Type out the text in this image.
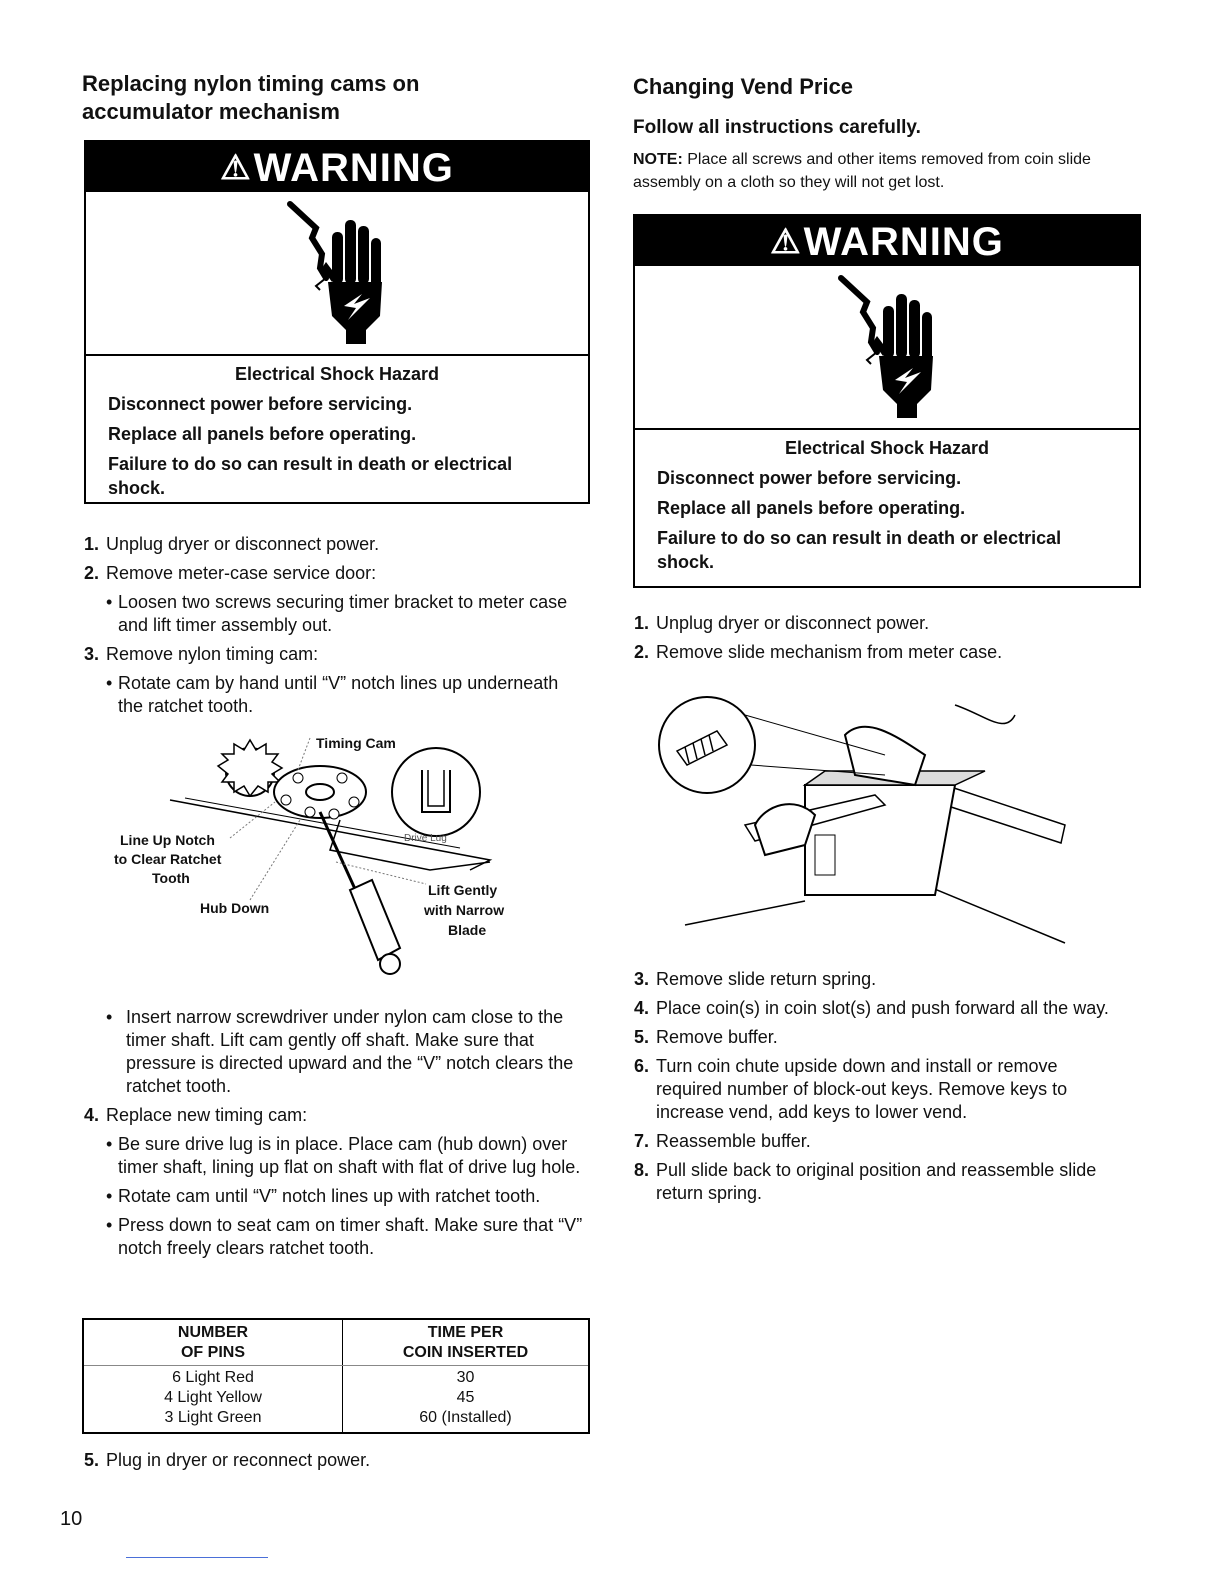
Replacing nylon timing cams on accumulator mechanism
⚠WARNING
Electrical Shock Hazard

Disconnect power before servicing.

Replace all panels before operating.

Failure to do so can result in death or electrical shock.

1. Unplug dryer or disconnect power.
2. Remove meter-case service door:
• Loosen two screws securing timer bracket to meter case and lift timer assembly out.
3. Remove nylon timing cam:
• Rotate cam by hand until “V” notch lines up underneath the ratchet tooth.
Timing Cam
Line Up Notch
to Clear Ratchet
Tooth
Hub Down
Drive Lug
Lift Gently
with Narrow
Blade
• Insert narrow screwdriver under nylon cam close to the timer shaft. Lift cam gently off shaft. Make sure that pressure is directed upward and the “V” notch clears the ratchet tooth.
4. Replace new timing cam:
• Be sure drive lug is in place. Place cam (hub down) over timer shaft, lining up flat on shaft with flat of drive lug hole.
• Rotate cam until “V” notch lines up with ratchet tooth.
• Press down to seat cam on timer shaft. Make sure that “V” notch freely clears ratchet tooth.
NUMBER
OF PINS	TIME PER
COIN INSERTED
6 Light Red	30
4 Light Yellow	45
3 Light Green	60 (Installed)
5. Plug in dryer or reconnect power.
10
Changing Vend Price
Follow all instructions carefully.
NOTE: Place all screws and other items removed from coin slide assembly on a cloth so they will not get lost.
⚠WARNING
Electrical Shock Hazard

Disconnect power before servicing.

Replace all panels before operating.

Failure to do so can result in death or electrical shock.

1. Unplug dryer or disconnect power.
2. Remove slide mechanism from meter case.
3. Remove slide return spring.
4. Place coin(s) in coin slot(s) and push forward all the way.
5. Remove buffer.
6. Turn coin chute upside down and install or remove required number of block-out keys. Remove keys to increase vend, add keys to lower vend.
7. Reassemble buffer.
8. Pull slide back to original position and reassemble slide return spring.
